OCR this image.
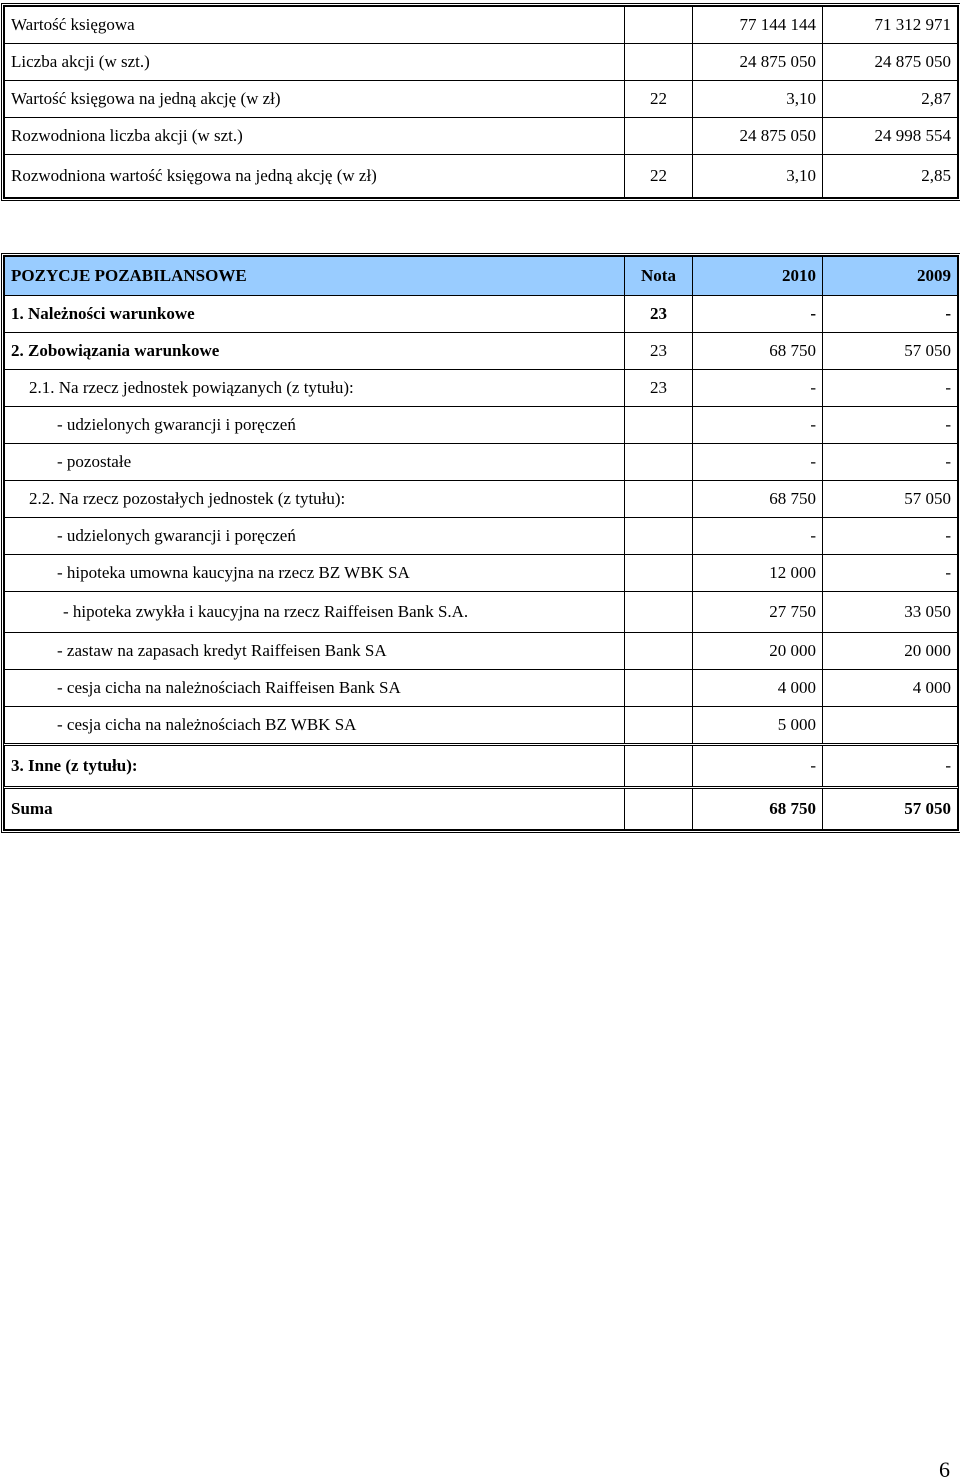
Wartość księgowa		77 144 144	71 312 971
Liczba akcji (w szt.)		24 875 050	24 875 050
Wartość księgowa na jedną akcję (w zł)	22	3,10	2,87
Rozwodniona liczba akcji (w szt.)		24 875 050	24 998 554
Rozwodniona wartość księgowa na jedną akcję (w zł)	22	3,10	2,85
POZYCJE POZABILANSOWE	Nota	2010	2009
1. Należności warunkowe	23	-	-
2. Zobowiązania warunkowe	23	68 750	57 050
2.1. Na rzecz jednostek powiązanych (z tytułu):	23	-	-
- udzielonych gwarancji i poręczeń		-	-
- pozostałe		-	-
2.2. Na rzecz pozostałych jednostek (z tytułu):		68 750	57 050
- udzielonych gwarancji i poręczeń		-	-
- hipoteka umowna kaucyjna na rzecz BZ WBK SA		12 000	-
- hipoteka zwykła i kaucyjna na rzecz Raiffeisen Bank S.A.		27 750	33 050
- zastaw na zapasach kredyt Raiffeisen Bank SA		20 000	20 000
- cesja cicha na należnościach Raiffeisen Bank SA		4 000	4 000
- cesja cicha na należnościach BZ WBK SA		5 000	
3. Inne (z tytułu):		-	-
Suma		68 750	57 050
6
